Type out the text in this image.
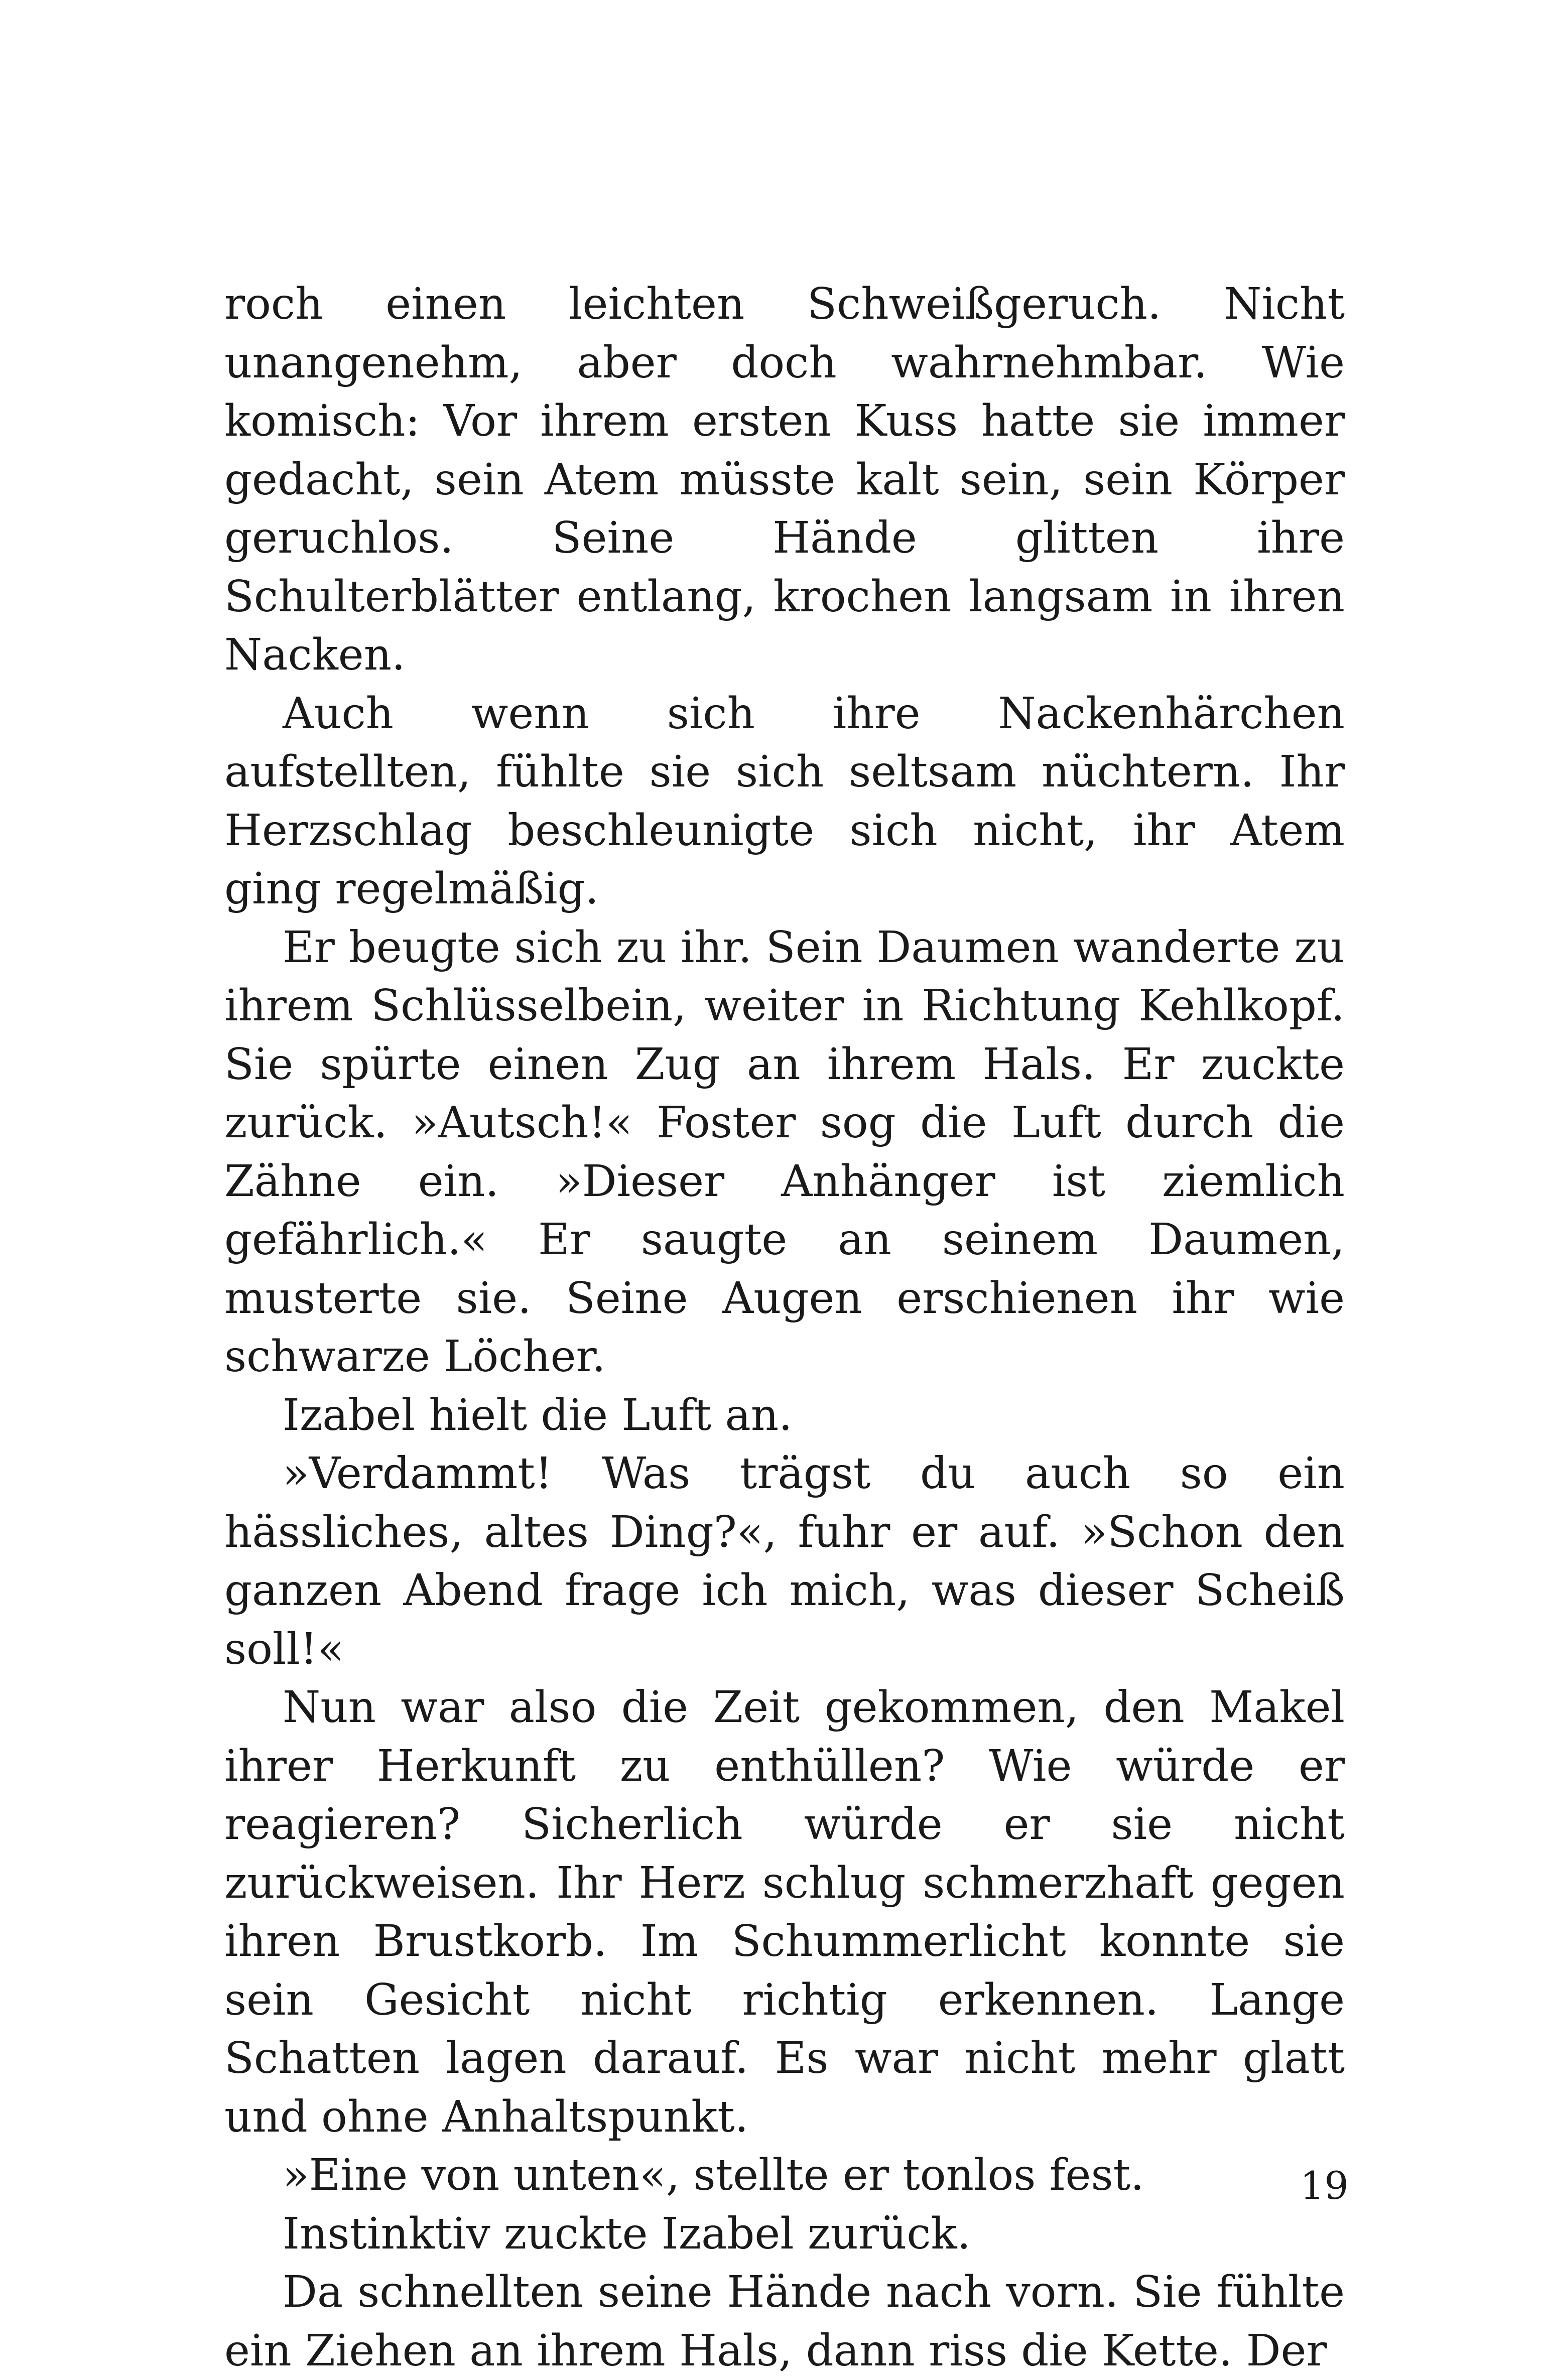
roch einen leichten Schweißgeruch. Nicht unangenehm, aber doch wahrnehmbar. Wie komisch: Vor ihrem ersten Kuss hatte sie immer gedacht, sein Atem müsste kalt sein, sein Körper geruchlos. Seine Hände glitten ihre Schulterblätter entlang, krochen langsam in ihren Nacken.

Auch wenn sich ihre Nackenhärchen aufstellten, fühlte sie sich seltsam nüchtern. Ihr Herzschlag beschleunigte sich nicht, ihr Atem ging regelmäßig.

Er beugte sich zu ihr. Sein Daumen wanderte zu ihrem Schlüsselbein, weiter in Richtung Kehlkopf. Sie spürte einen Zug an ihrem Hals. Er zuckte zurück. »Autsch!« Foster sog die Luft durch die Zähne ein. »Dieser Anhänger ist ziemlich gefährlich.« Er saugte an seinem Daumen, musterte sie. Seine Augen erschienen ihr wie schwarze Löcher.

Izabel hielt die Luft an.

»Verdammt! Was trägst du auch so ein hässliches, altes Ding?«, fuhr er auf. »Schon den ganzen Abend frage ich mich, was dieser Scheiß soll!«

Nun war also die Zeit gekommen, den Makel ihrer Herkunft zu enthüllen? Wie würde er reagieren? Sicherlich würde er sie nicht zurückweisen. Ihr Herz schlug schmerzhaft gegen ihren Brustkorb. Im Schummerlicht konnte sie sein Gesicht nicht richtig erkennen. Lange Schatten lagen darauf. Es war nicht mehr glatt und ohne Anhaltspunkt.

»Eine von unten«, stellte er tonlos fest.

Instinktiv zuckte Izabel zurück.

Da schnellten seine Hände nach vorn. Sie fühlte ein Ziehen an ihrem Hals, dann riss die Kette. Der

19
